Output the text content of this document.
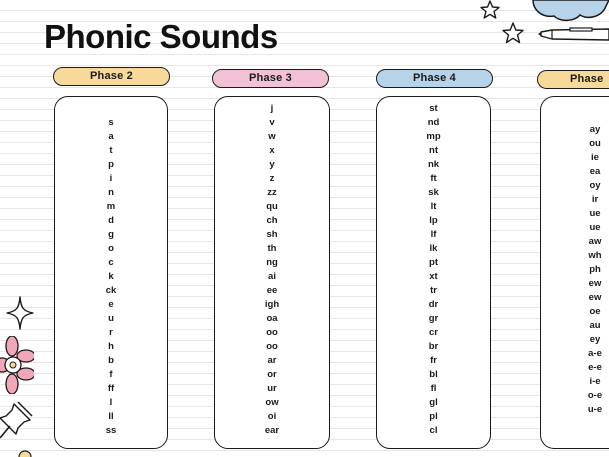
Phonic Sounds
Phase 2
s
a
t
p
i
n
m
d
g
o
c
k
ck
e
u
r
h
b
f
ff
l
ll
ss
Phase 3
j
v
w
x
y
z
zz
qu
ch
sh
th
ng
ai
ee
igh
oa
oo
oo
ar
or
ur
ow
oi
ear
Phase 4
st
nd
mp
nt
nk
ft
sk
lt
lp
lf
lk
pt
xt
tr
dr
gr
cr
br
fr
bl
fl
gl
pl
cl
Phase
ay
ou
ie
ea
oy
ir
ue
ue
aw
wh
ph
ew
ew
oe
au
ey
a-e
e-e
i-e
o-e
u-e
